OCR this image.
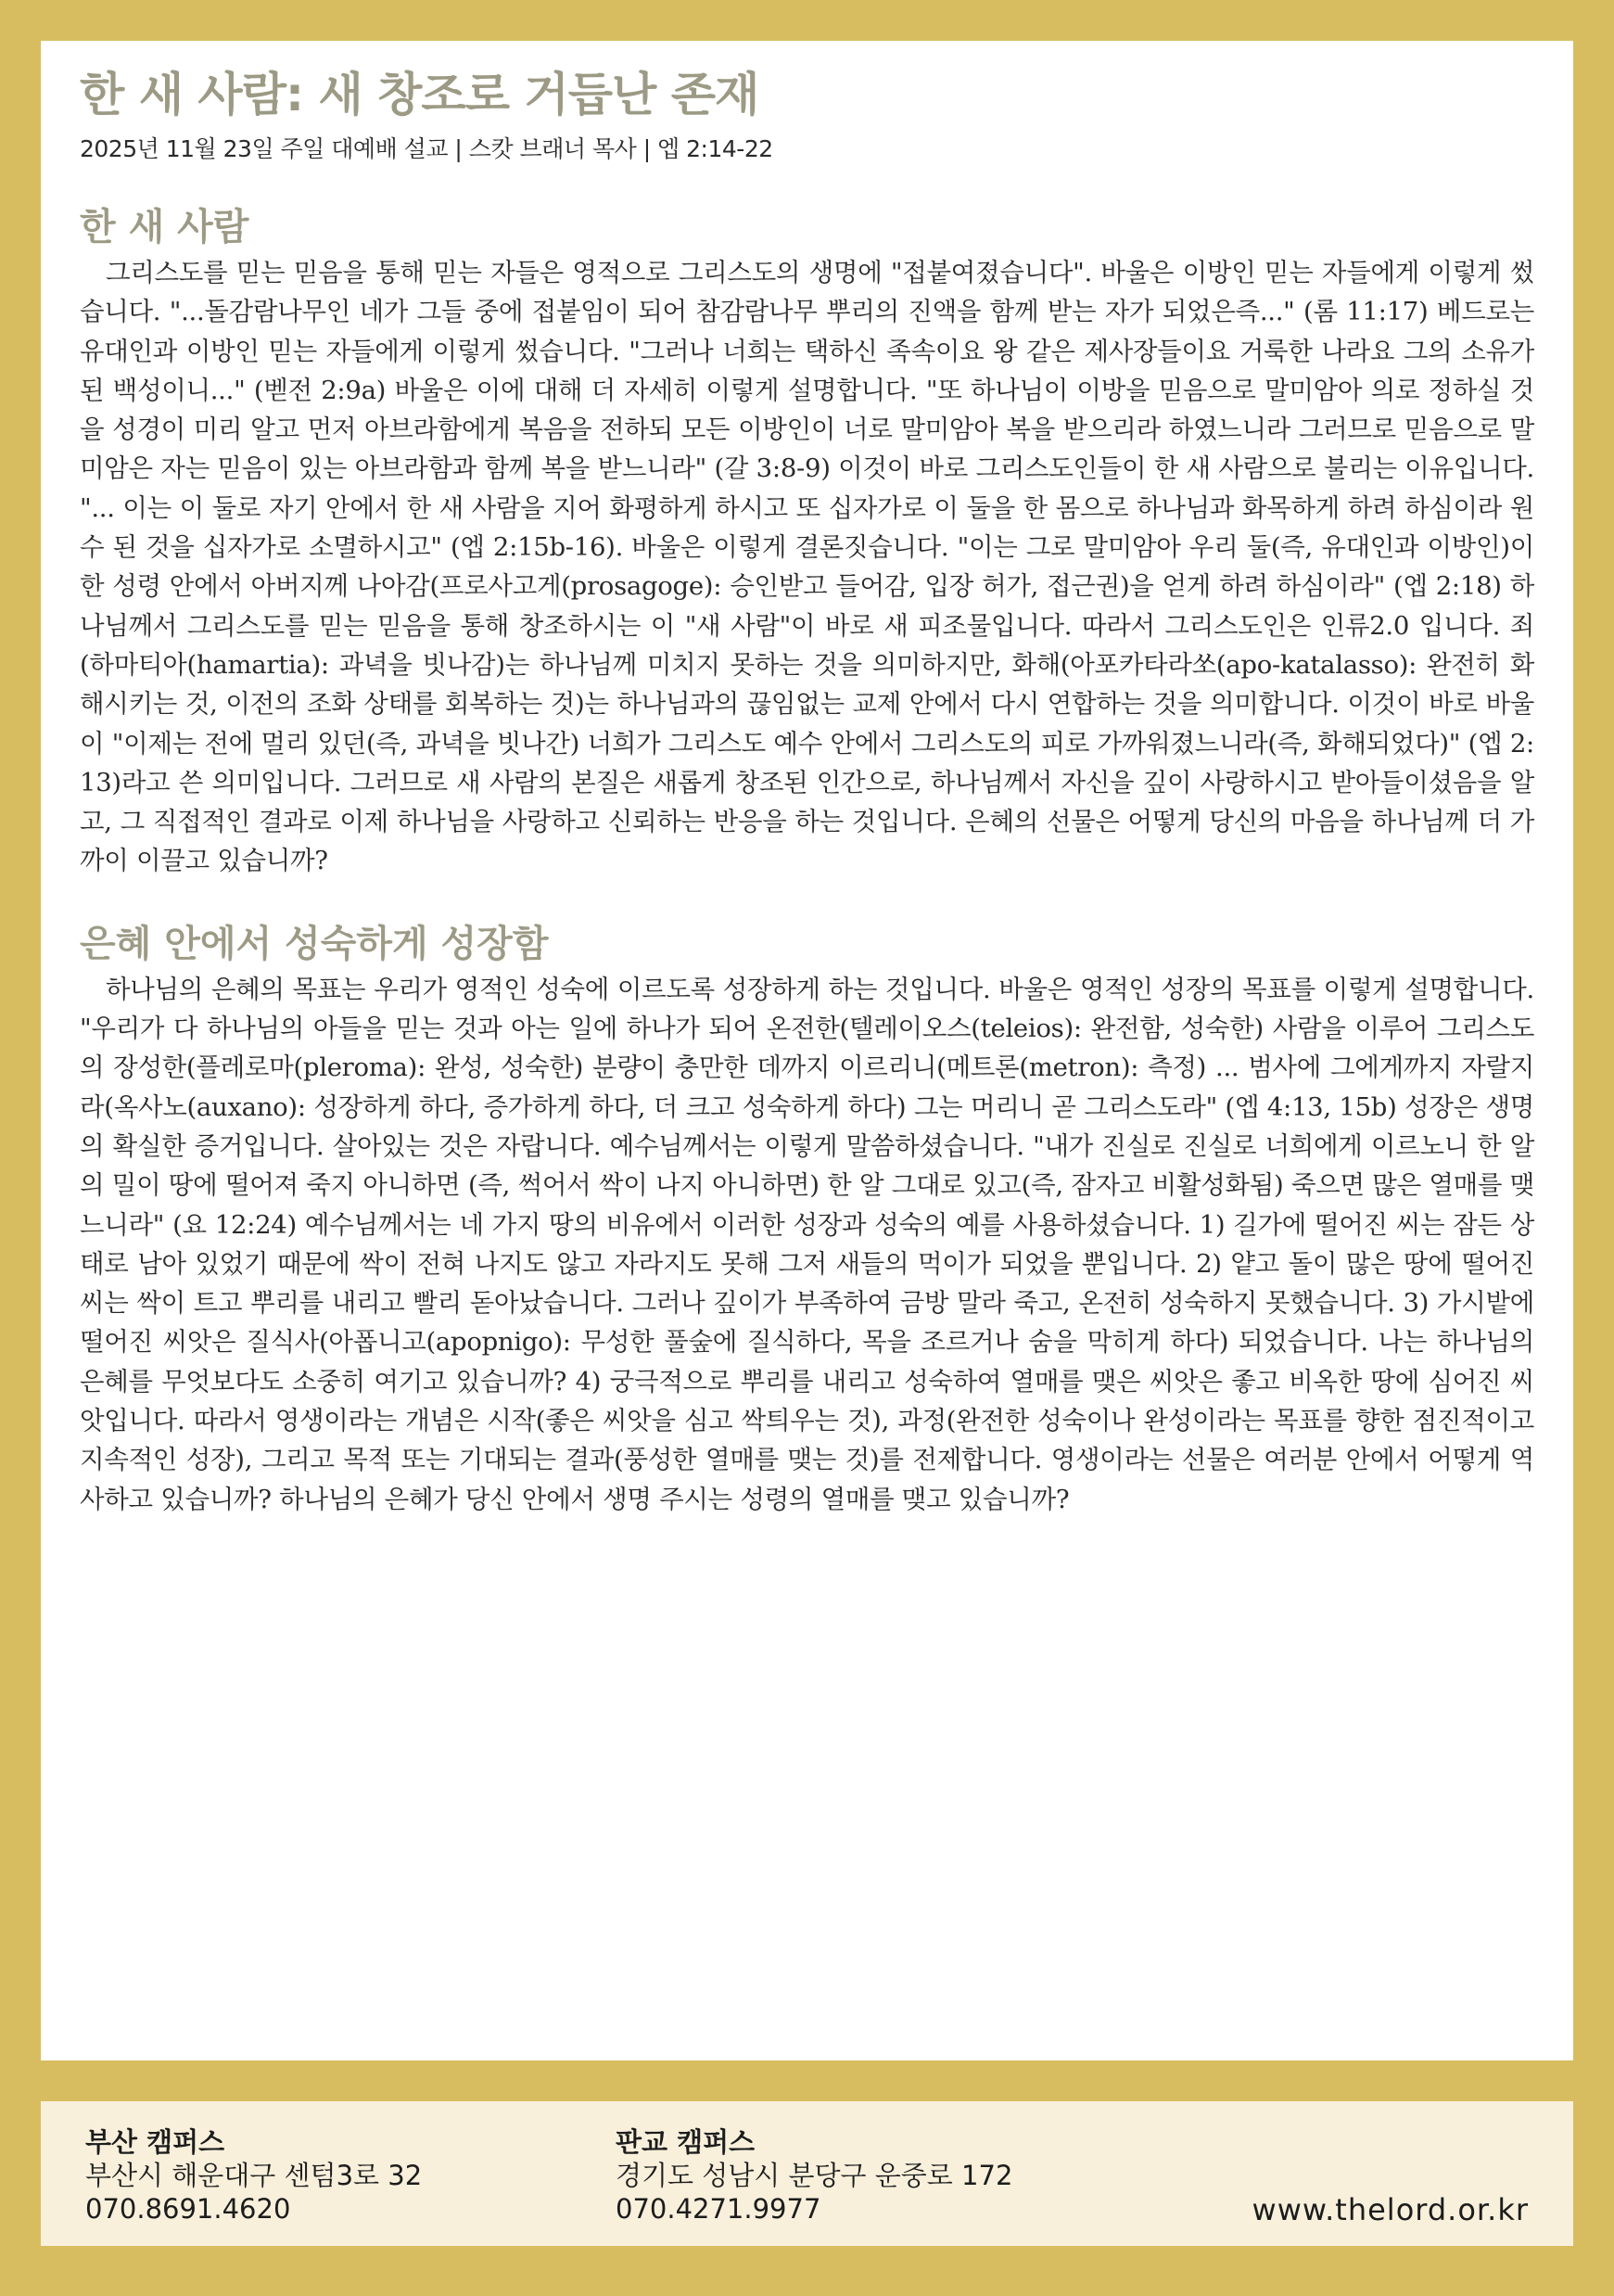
한 새 사람: 새 창조로 거듭난 존재
2025년 11월 23일 주일 대예배 설교 | 스캇 브래너 목사 | 엡 2:14-22
한 새 사람

그리스도를 믿는 믿음을 통해 믿는 자들은 영적으로 그리스도의 생명에 "접붙여졌습니다". 바울은 이방인 믿는 자들에게 이렇게 썼습니다. "...돌감람나무인 네가 그들 중에 접붙임이 되어 참감람나무 뿌리의 진액을 함께 받는 자가 되었은즉..." (롬 11:17) 베드로는 유대인과 이방인 믿는 자들에게 이렇게 썼습니다. "그러나 너희는 택하신 족속이요 왕 같은 제사장들이요 거룩한 나라요 그의 소유가 된 백성이니..." (벧전 2:9a) 바울은 이에 대해 더 자세히 이렇게 설명합니다. "또 하나님이 이방을 믿음으로 말미암아 의로 정하실 것을 성경이 미리 알고 먼저 아브라함에게 복음을 전하되 모든 이방인이 너로 말미암아 복을 받으리라 하였느니라 그러므로 믿음으로 말미암은 자는 믿음이 있는 아브라함과 함께 복을 받느니라" (갈 3:8-9) 이것이 바로 그리스도인들이 한 새 사람으로 불리는 이유입니다. "... 이는 이 둘로 자기 안에서 한 새 사람을 지어 화평하게 하시고 또 십자가로 이 둘을 한 몸으로 하나님과 화목하게 하려 하심이라 원수 된 것을 십자가로 소멸하시고" (엡 2:15b-16). 바울은 이렇게 결론짓습니다. "이는 그로 말미암아 우리 둘(즉, 유대인과 이방인)이 한 성령 안에서 아버지께 나아감(프로사고게(prosagoge): 승인받고 들어감, 입장 허가, 접근권)을 얻게 하려 하심이라" (엡 2:18) 하나님께서 그리스도를 믿는 믿음을 통해 창조하시는 이 "새 사람"이 바로 새 피조물입니다. 따라서 그리스도인은 인류2.0 입니다. 죄(하마티아(hamartia): 과녁을 빗나감)는 하나님께 미치지 못하는 것을 의미하지만, 화해(아포카타라쏘(apo-katalasso): 완전히 화해시키는 것, 이전의 조화 상태를 회복하는 것)는 하나님과의 끊임없는 교제 안에서 다시 연합하는 것을 의미합니다. 이것이 바로 바울이 "이제는 전에 멀리 있던(즉, 과녁을 빗나간) 너희가 그리스도 예수 안에서 그리스도의 피로 가까워졌느니라(즉, 화해되었다)" (엡 2:13)라고 쓴 의미입니다. 그러므로 새 사람의 본질은 새롭게 창조된 인간으로, 하나님께서 자신을 깊이 사랑하시고 받아들이셨음을 알고, 그 직접적인 결과로 이제 하나님을 사랑하고 신뢰하는 반응을 하는 것입니다. 은혜의 선물은 어떻게 당신의 마음을 하나님께 더 가까이 이끌고 있습니까?

은혜 안에서 성숙하게 성장함

하나님의 은혜의 목표는 우리가 영적인 성숙에 이르도록 성장하게 하는 것입니다. 바울은 영적인 성장의 목표를 이렇게 설명합니다. "우리가 다 하나님의 아들을 믿는 것과 아는 일에 하나가 되어 온전한(텔레이오스(teleios): 완전함, 성숙한) 사람을 이루어 그리스도의 장성한(플레로마(pleroma): 완성, 성숙한) 분량이 충만한 데까지 이르리니(메트론(metron): 측정) ... 범사에 그에게까지 자랄지라(옥사노(auxano): 성장하게 하다, 증가하게 하다, 더 크고 성숙하게 하다) 그는 머리니 곧 그리스도라" (엡 4:13, 15b) 성장은 생명의 확실한 증거입니다. 살아있는 것은 자랍니다. 예수님께서는 이렇게 말씀하셨습니다. "내가 진실로 진실로 너희에게 이르노니 한 알의 밀이 땅에 떨어져 죽지 아니하면 (즉, 썩어서 싹이 나지 아니하면) 한 알 그대로 있고(즉, 잠자고 비활성화됨) 죽으면 많은 열매를 맺느니라" (요 12:24) 예수님께서는 네 가지 땅의 비유에서 이러한 성장과 성숙의 예를 사용하셨습니다. 1) 길가에 떨어진 씨는 잠든 상태로 남아 있었기 때문에 싹이 전혀 나지도 않고 자라지도 못해 그저 새들의 먹이가 되었을 뿐입니다. 2) 얕고 돌이 많은 땅에 떨어진 씨는 싹이 트고 뿌리를 내리고 빨리 돋아났습니다. 그러나 깊이가 부족하여 금방 말라 죽고, 온전히 성숙하지 못했습니다. 3) 가시밭에 떨어진 씨앗은 질식사(아폽니고(apopnigo): 무성한 풀숲에 질식하다, 목을 조르거나 숨을 막히게 하다) 되었습니다. 나는 하나님의 은혜를 무엇보다도 소중히 여기고 있습니까? 4) 궁극적으로 뿌리를 내리고 성숙하여 열매를 맺은 씨앗은 좋고 비옥한 땅에 심어진 씨앗입니다. 따라서 영생이라는 개념은 시작(좋은 씨앗을 심고 싹틔우는 것), 과정(완전한 성숙이나 완성이라는 목표를 향한 점진적이고 지속적인 성장), 그리고 목적 또는 기대되는 결과(풍성한 열매를 맺는 것)를 전제합니다. 영생이라는 선물은 여러분 안에서 어떻게 역사하고 있습니까? 하나님의 은혜가 당신 안에서 생명 주시는 성령의 열매를 맺고 있습니까?

부산 캠퍼스
부산시 해운대구 센텀3로 32
070.8691.4620
판교 캠퍼스
경기도 성남시 분당구 운중로 172
070.4271.9977	www.thelord.or.kr
